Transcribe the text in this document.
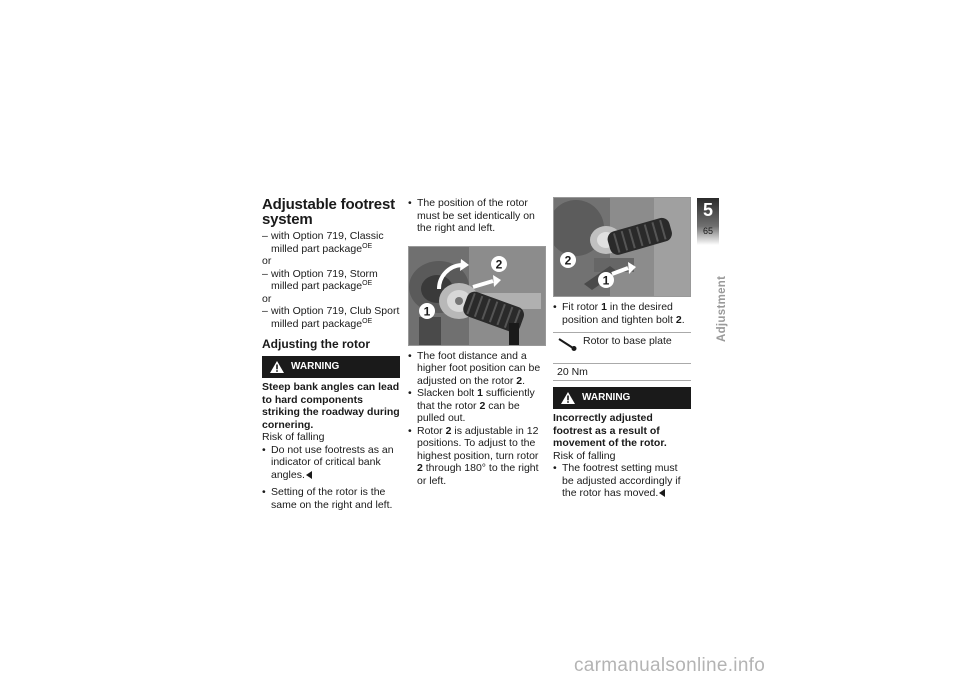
Adjustable footrest system
– with Option 719, Classic milled part package$^{OE}$

or

– with Option 719, Storm milled part package$^{OE}$

or

– with Option 719, Club Sport milled part package$^{OE}$
Adjusting the rotor
WARNING
Steep bank angles can lead to hard components striking the roadway during cornering.
Risk of falling

• Do not use footrests as an indicator of critical bank angles.

• Setting of the rotor is the same on the right and left.

• The position of the rotor must be set identically on the right and left.

1
2

• The foot distance and a higher foot position can be adjusted on the rotor 2.

• Slacken bolt 1 sufficiently that the rotor 2 can be pulled out.

• Rotor 2 is adjustable in 12 positions. To adjust to the highest position, turn rotor 2 through 180° to the right or left.

2
1

• Fit rotor 1 in the desired position and tighten bolt 2.

Rotor to base plate
20 Nm
WARNING
Incorrectly adjusted footrest as a result of movement of the rotor.
Risk of falling

• The footrest setting must be adjusted accordingly if the rotor has moved.

5
65
Adjustment
carmanualsonline.info
